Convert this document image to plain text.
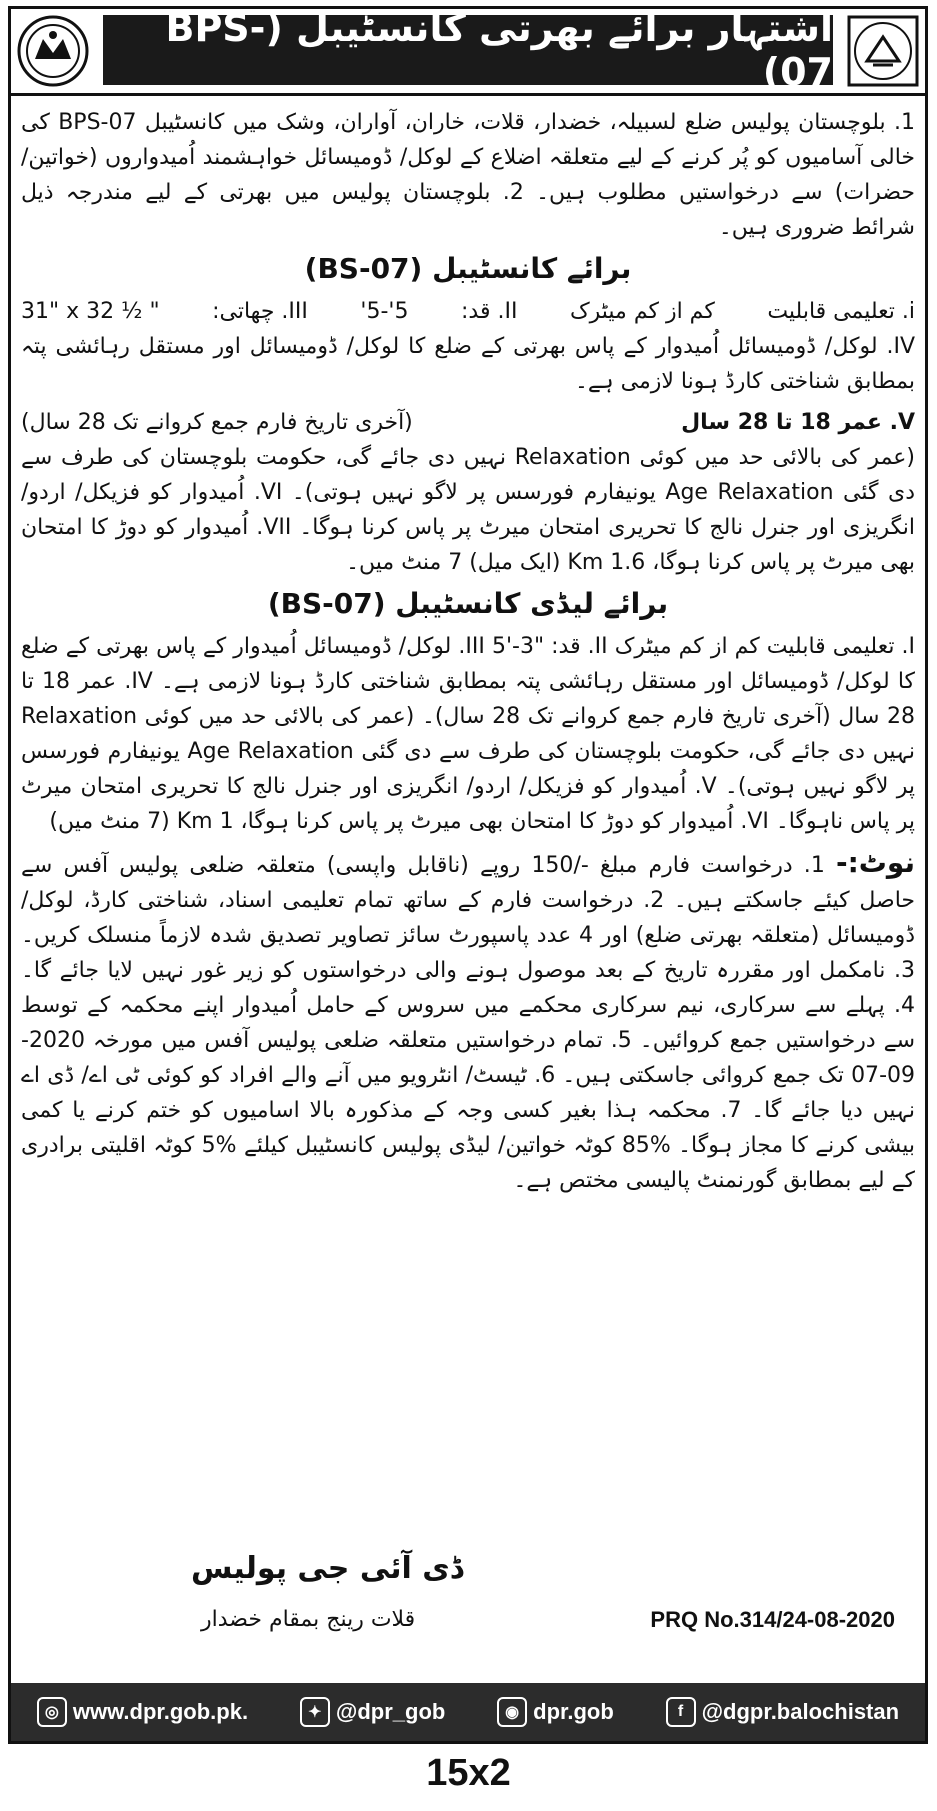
اشتہار برائے بھرتی کانسٹیبل (BPS-07)

1. بلوچستان پولیس ضلع لسبیلہ، خضدار، قلات، خاران، آواران، وشک میں کانسٹیبل BPS-07 کی خالی آسامیوں کو پُر کرنے کے لیے متعلقہ اضلاع کے لوکل/ ڈومیسائل خواہشمند اُمیدواروں (خواتین/حضرات) سے درخواستیں مطلوب ہیں۔ 2. بلوچستان پولیس میں بھرتی کے لیے مندرجہ ذیل شرائط ضروری ہیں۔

برائے کانسٹیبل (BS-07)
i. تعلیمی قابلیت
کم از کم میٹرک
II. قد:
5'-5'
III. چھاتی:
31" x 32 ½ "

IV. لوکل/ ڈومیسائل اُمیدوار کے پاس بھرتی کے ضلع کا لوکل/ ڈومیسائل اور مستقل رہائشی پتہ بمطابق شناختی کارڈ ہونا لازمی ہے۔

V. عمر 18 تا 28 سال
(آخری تاریخ فارم جمع کروانے تک 28 سال)

(عمر کی بالائی حد میں کوئی Relaxation نہیں دی جائے گی، حکومت بلوچستان کی طرف سے دی گئی Age Relaxation یونیفارم فورسس پر لاگو نہیں ہوتی)۔ VI. اُمیدوار کو فزیکل/ اردو/ انگریزی اور جنرل نالج کا تحریری امتحان میرٹ پر پاس کرنا ہوگا۔ VII. اُمیدوار کو دوڑ کا امتحان بھی میرٹ پر پاس کرنا ہوگا، 1.6 Km (ایک میل) 7 منٹ میں۔

برائے لیڈی کانسٹیبل (BS-07)

I. تعلیمی قابلیت کم از کم میٹرک II. قد: "3-'5 III. لوکل/ ڈومیسائل اُمیدوار کے پاس بھرتی کے ضلع کا لوکل/ ڈومیسائل اور مستقل رہائشی پتہ بمطابق شناختی کارڈ ہونا لازمی ہے۔ IV. عمر 18 تا 28 سال (آخری تاریخ فارم جمع کروانے تک 28 سال)۔ (عمر کی بالائی حد میں کوئی Relaxation نہیں دی جائے گی، حکومت بلوچستان کی طرف سے دی گئی Age Relaxation یونیفارم فورسس پر لاگو نہیں ہوتی)۔ V. اُمیدوار کو فزیکل/ اردو/ انگریزی اور جنرل نالج کا تحریری امتحان میرٹ پر پاس ناہوگا۔ VI. اُمیدوار کو دوڑ کا امتحان بھی میرٹ پر پاس کرنا ہوگا، 1 Km (7 منٹ میں)

نوٹ:- 1. درخواست فارم مبلغ -/150 روپے (ناقابل واپسی) متعلقہ ضلعی پولیس آفس سے حاصل کیئے جاسکتے ہیں۔ 2. درخواست فارم کے ساتھ تمام تعلیمی اسناد، شناختی کارڈ، لوکل/ ڈومیسائل (متعلقہ بھرتی ضلع) اور 4 عدد پاسپورٹ سائز تصاویر تصدیق شدہ لازماً منسلک کریں۔ 3. نامکمل اور مقررہ تاریخ کے بعد موصول ہونے والی درخواستوں کو زیر غور نہیں لایا جائے گا۔ 4. پہلے سے سرکاری، نیم سرکاری محکمے میں سروس کے حامل اُمیدوار اپنے محکمہ کے توسط سے درخواستیں جمع کروائیں۔ 5. تمام درخواستیں متعلقہ ضلعی پولیس آفس میں مورخہ 2020-09-07 تک جمع کروائی جاسکتی ہیں۔ 6. ٹیسٹ/ انٹرویو میں آنے والے افراد کو کوئی ٹی اے/ ڈی اے نہیں دیا جائے گا۔ 7. محکمہ ہذا بغیر کسی وجہ کے مذکورہ بالا اسامیوں کو ختم کرنے یا کمی بیشی کرنے کا مجاز ہوگا۔ %85 کوٹہ خواتین/ لیڈی پولیس کانسٹیبل کیلئے %5 کوٹہ اقلیتی برادری کے لیے بمطابق گورنمنٹ پالیسی مختص ہے۔

ڈی آئی جی پولیس
قلات رینج بمقام خضدار	PRQ No.314/24-08-2020
◎ www.dpr.gob.pk.	✦ @dpr_gob	◉ dpr.gob	f @dgpr.balochistan
15x2
